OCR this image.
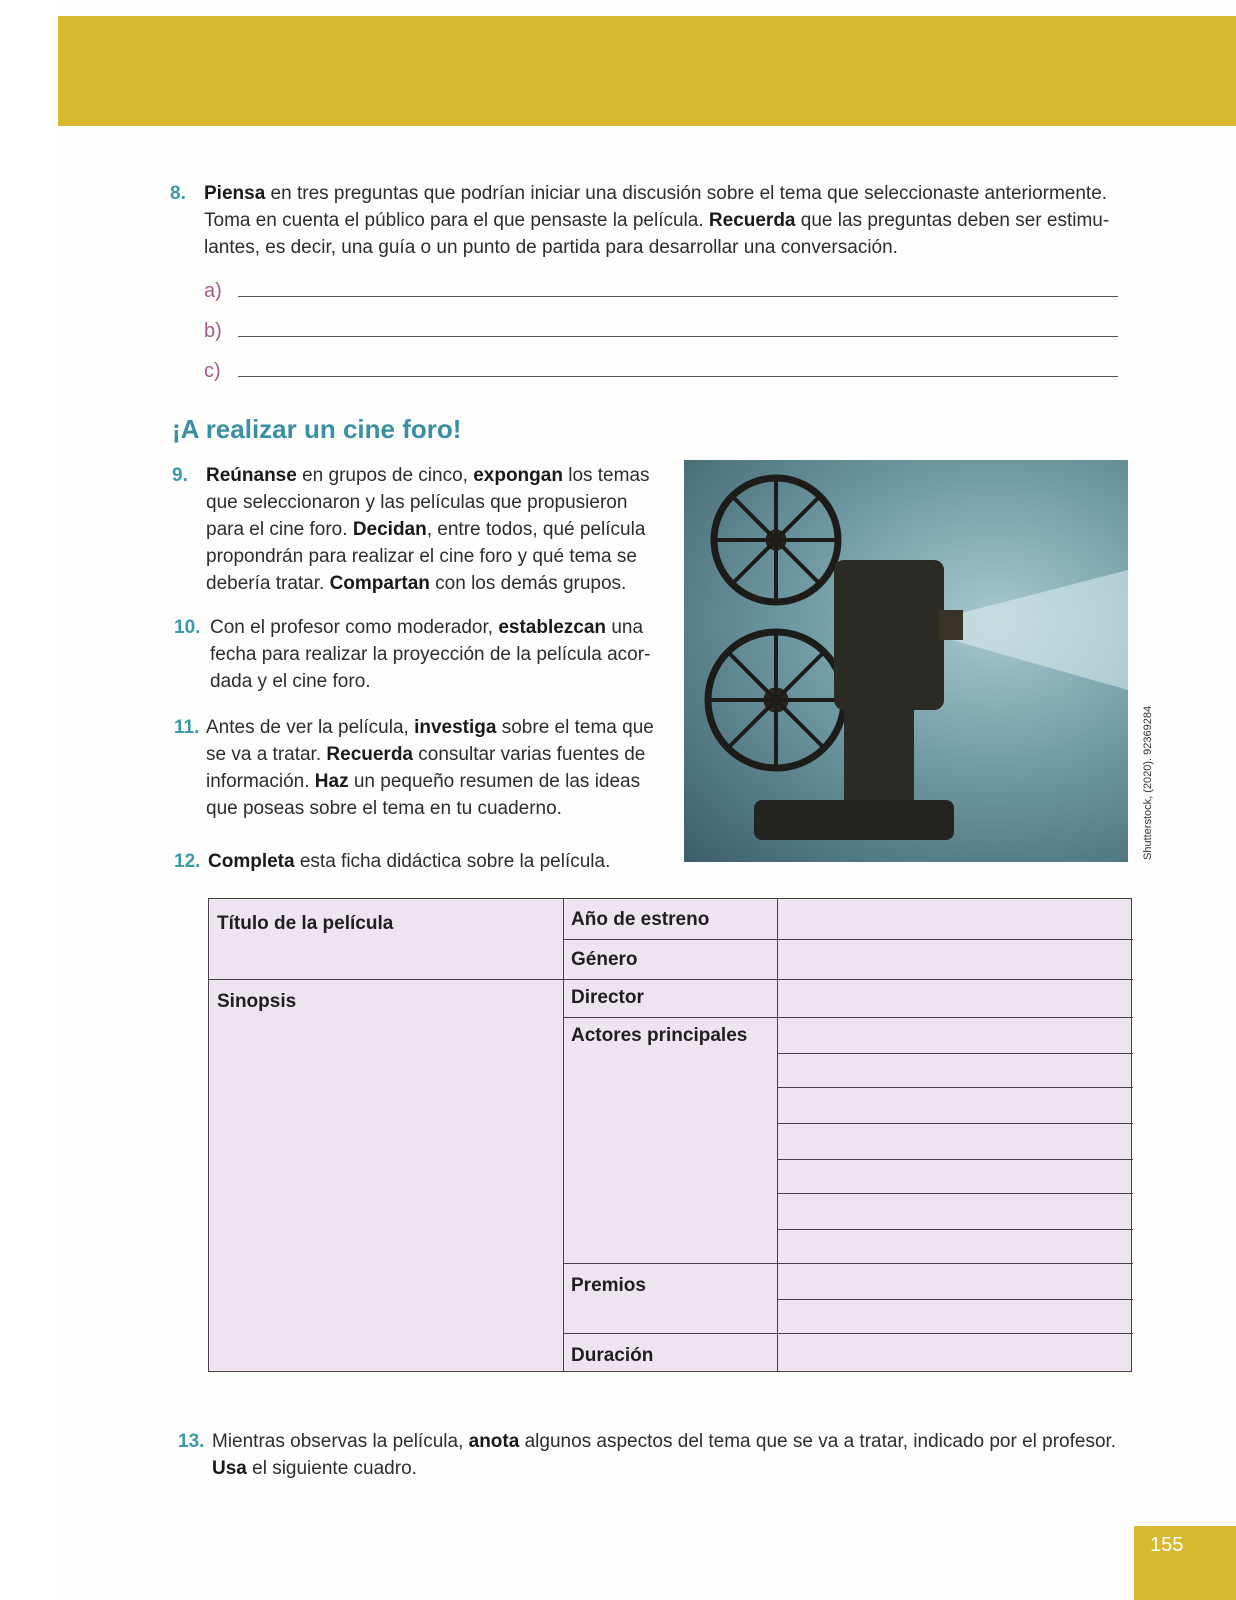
8. Piensa en tres preguntas que podrían iniciar una discusión sobre el tema que seleccionaste anteriormente.
Toma en cuenta el público para el que pensaste la película. Recuerda que las preguntas deben ser estimu-
lantes, es decir, una guía o un punto de partida para desarrollar una conversación.
a)
b)
c)
¡A realizar un cine foro!
9. Reúnanse en grupos de cinco, expongan los temas
que seleccionaron y las películas que propusieron
para el cine foro. Decidan, entre todos, qué película
propondrán para realizar el cine foro y qué tema se
debería tratar. Compartan con los demás grupos.
10. Con el profesor como moderador, establezcan una
fecha para realizar la proyección de la película acor-
dada y el cine foro.
11. Antes de ver la película, investiga sobre el tema que
se va a tratar. Recuerda consultar varias fuentes de
información. Haz un pequeño resumen de las ideas
que poseas sobre el tema en tu cuaderno.
12. Completa esta ficha didáctica sobre la película.
Shutterstock, (2020). 92369284
Título de la película
Sinopsis
Año de estreno
Género
Director
Actores principales
Premios
Duración
13. Mientras observas la película, anota algunos aspectos del tema que se va a tratar, indicado por el profesor.
Usa el siguiente cuadro.
155
